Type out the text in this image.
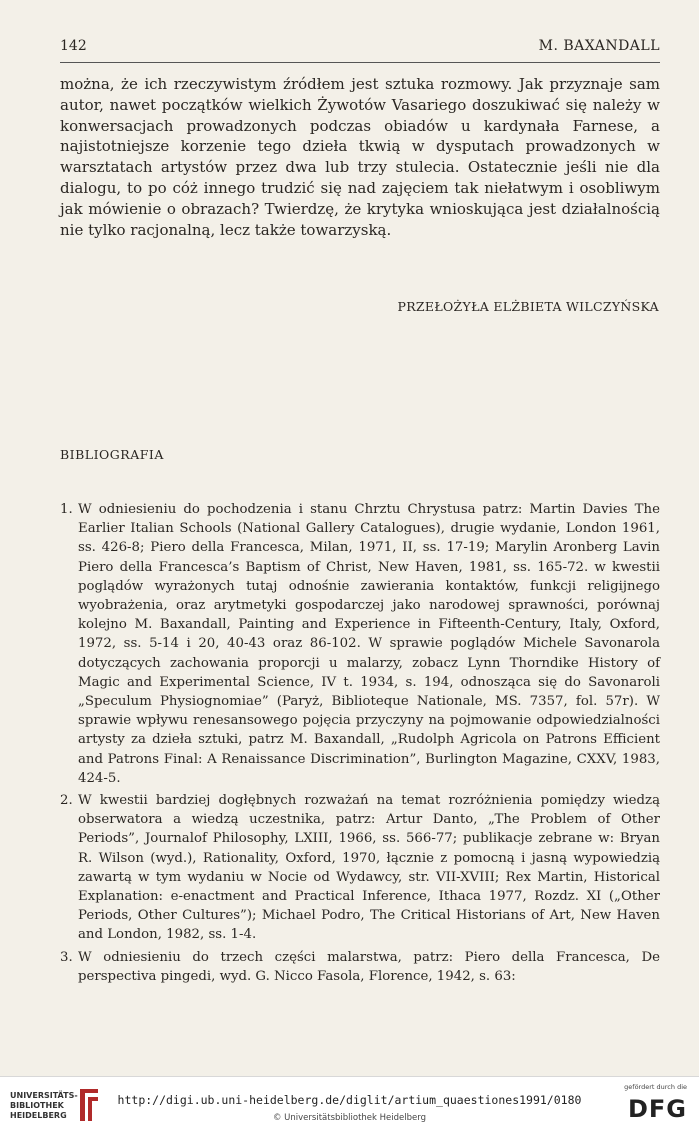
142	M. BAXANDALL

można, że ich rzeczywistym źródłem jest sztuka rozmowy. Jak przyznaje sam autor, nawet początków wielkich Żywotów Vasariego doszukiwać się należy w konwersacjach prowadzonych podczas obiadów u kardynała Farnese, a najistotniejsze korzenie tego dzieła tkwią w dysputach prowadzonych w warsztatach artystów przez dwa lub trzy stulecia. Ostatecznie jeśli nie dla dialogu, to po cóż innego trudzić się nad zajęciem tak niełatwym i osobliwym jak mówienie o obrazach? Twierdzę, że krytyka wnioskująca jest działalnością nie tylko racjonalną, lecz także towarzyską.

PRZEŁOŻYŁA ELŻBIETA WILCZYŃSKA
BIBLIOGRAFIA
1. W odniesieniu do pochodzenia i stanu Chrztu Chrystusa patrz: Martin Davies The Earlier Italian Schools (National Gallery Catalogues), drugie wydanie, London 1961, ss. 426-8; Piero della Francesca, Milan, 1971, II, ss. 17-19; Marylin Aronberg Lavin Piero della Francesca’s Baptism of Christ, New Haven, 1981, ss. 165-72. w kwestii poglądów wyrażonych tutaj odnośnie zawierania kontaktów, funkcji religijnego wyobrażenia, oraz arytmetyki gospodarczej jako narodowej sprawności, porównaj kolejno M. Baxandall, Painting and Experience in Fifteenth-Century, Italy, Oxford, 1972, ss. 5-14 i 20, 40-43 oraz 86-102. W sprawie poglądów Michele Savonarola dotyczących zachowania proporcji u malarzy, zobacz Lynn Thorndike History of Magic and Experimental Science, IV t. 1934, s. 194, odnosząca się do Savonaroli „Speculum Physiognomiae” (Paryż, Biblioteque Nationale, MS. 7357, fol. 57r). W sprawie wpływu renesansowego pojęcia przyczyny na pojmowanie odpowiedzialności artysty za dzieła sztuki, patrz M. Baxandall, „Rudolph Agricola on Patrons Efficient and Patrons Final: A Renaissance Discrimination”, Burlington Magazine, CXXV, 1983, 424-5.
2. W kwestii bardziej dogłębnych rozważań na temat rozróżnienia pomiędzy wiedzą obserwatora a wiedzą uczestnika, patrz: Artur Danto, „The Problem of Other Periods”, Journalof Philosophy, LXIII, 1966, ss. 566-77; publikacje zebrane w: Bryan R. Wilson (wyd.), Rationality, Oxford, 1970, łącznie z pomocną i jasną wypowiedzią zawartą w tym wydaniu w Nocie od Wydawcy, str. VII-XVIII; Rex Martin, Historical Explanation: e-enactment and Practical Inference, Ithaca 1977, Rozdz. XI („Other Periods, Other Cultures”); Michael Podro, The Critical Historians of Art, New Haven and London, 1982, ss. 1-4.
3. W odniesieniu do trzech części malarstwa, patrz: Piero della Francesca, De perspectiva pingedi, wyd. G. Nicco Fasola, Florence, 1942, s. 63:
UNIVERSITÄTS-
BIBLIOTHEK
HEIDELBERG
http://digi.ub.uni-heidelberg.de/diglit/artium_quaestiones1991/0180
© Universitätsbibliothek Heidelberg
gefördert durch die
DFG
